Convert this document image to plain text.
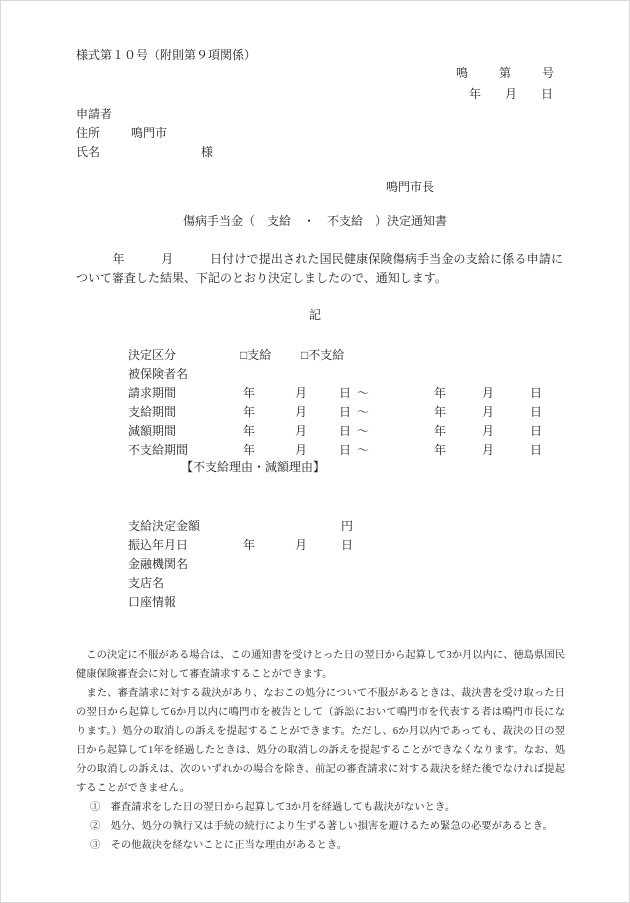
様式第１０号（附則第９項関係）
鳴	第	号
年 月 日
申請者
住所	鳴門市
氏名	様
鳴門市長
傷病手当金（　支給　・　不支給　）決定通知書
　　　年　　　月　　　日付けで提出された国民健康保険傷病手当金の支給に係る申請について審査した結果、下記のとおり決定しましたので、通知します。
記
決定区分	□支給 □不支給
被保険者名
請求期間	年	月	日 ～	年	月	日
支給期間	年	月	日 ～	年	月	日
減額期間	年	月	日 ～	年	月	日
不支給期間	年	月	日 ～	年	月	日
【不支給理由・減額理由】
支給決定金額	円
振込年月日	年	月	日
金融機関名
支店名
口座情報

　この決定に不服がある場合は、この通知書を受けとった日の翌日から起算して3か月以内に、徳島県国民健康保険審査会に対して審査請求することができます。

　また、審査請求に対する裁決があり、なおこの処分について不服があるときは、裁決書を受け取った日の翌日から起算して6か月以内に鳴門市を被告として（訴訟において鳴門市を代表する者は鳴門市長になります。）処分の取消しの訴えを提起することができます。ただし、6か月以内であっても、裁決の日の翌日から起算して1年を経過したときは、処分の取消しの訴えを提起することができなくなります。なお、処分の取消しの訴えは、次のいずれかの場合を除き、前記の審査請求に対する裁決を経た後でなければ提起することができません。

①　審査請求をした日の翌日から起算して3か月を経過しても裁決がないとき。
②　処分、処分の執行又は手続の続行により生ずる著しい損害を避けるため緊急の必要があるとき。
③　その他裁決を経ないことに正当な理由があるとき。
